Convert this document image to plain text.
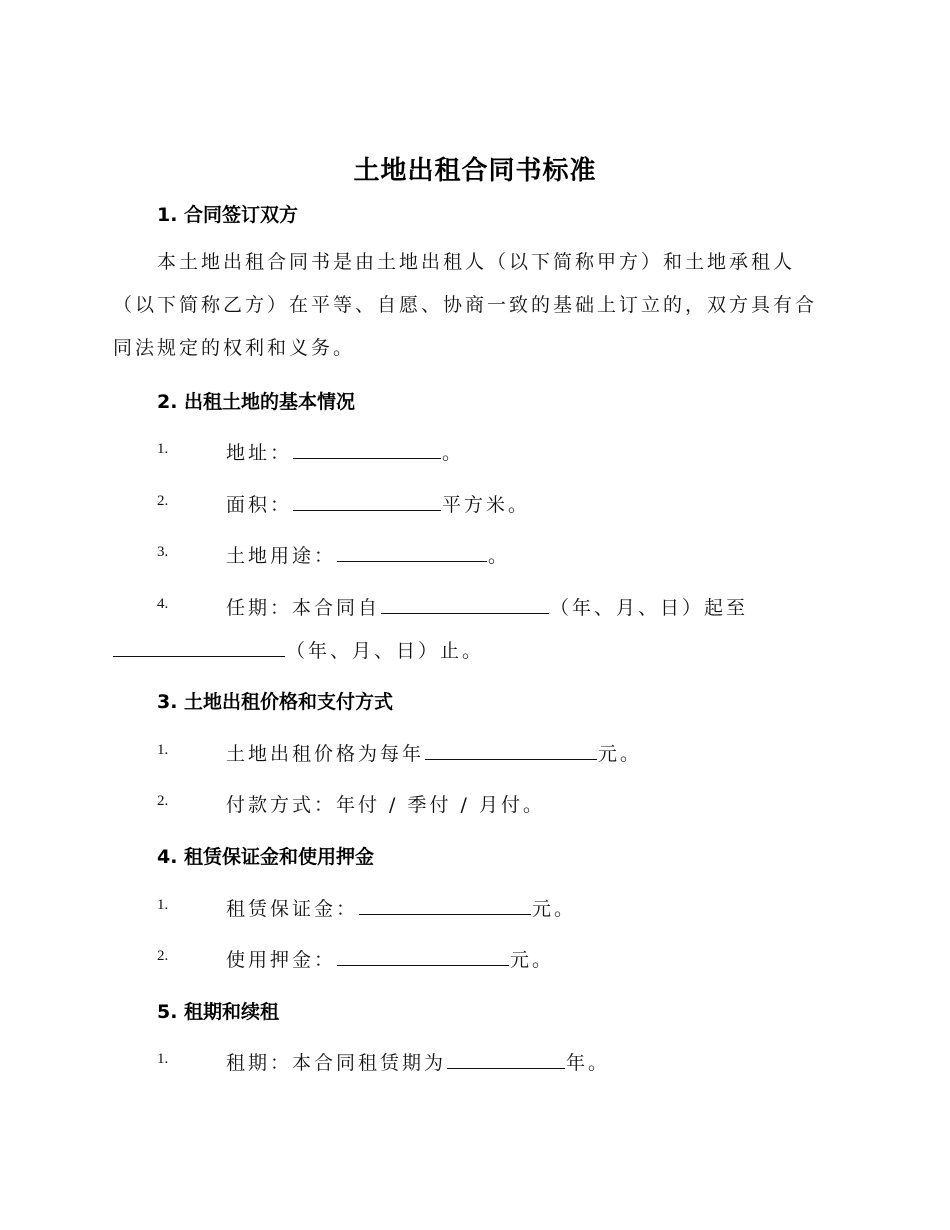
土地出租合同书标准
1. 合同签订双方
本土地出租合同书是由土地出租人（以下简称甲方）和土地承租人（以下简称乙方）在平等、自愿、协商一致的基础上订立的，双方具有合同法规定的权利和义务。
2. 出租土地的基本情况
1.	地址：	。
2.	面积：	平方米。
3.	土地用途：	。
4.	任期：本合同自	（年、月、日）起至
（年、月、日）止。
3. 土地出租价格和支付方式
1.	土地出租价格为每年	元。
2.	付款方式：年付 / 季付 / 月付。
4. 租赁保证金和使用押金
1.	租赁保证金：	元。
2.	使用押金：	元。
5. 租期和续租
1.	租期：本合同租赁期为	年。
